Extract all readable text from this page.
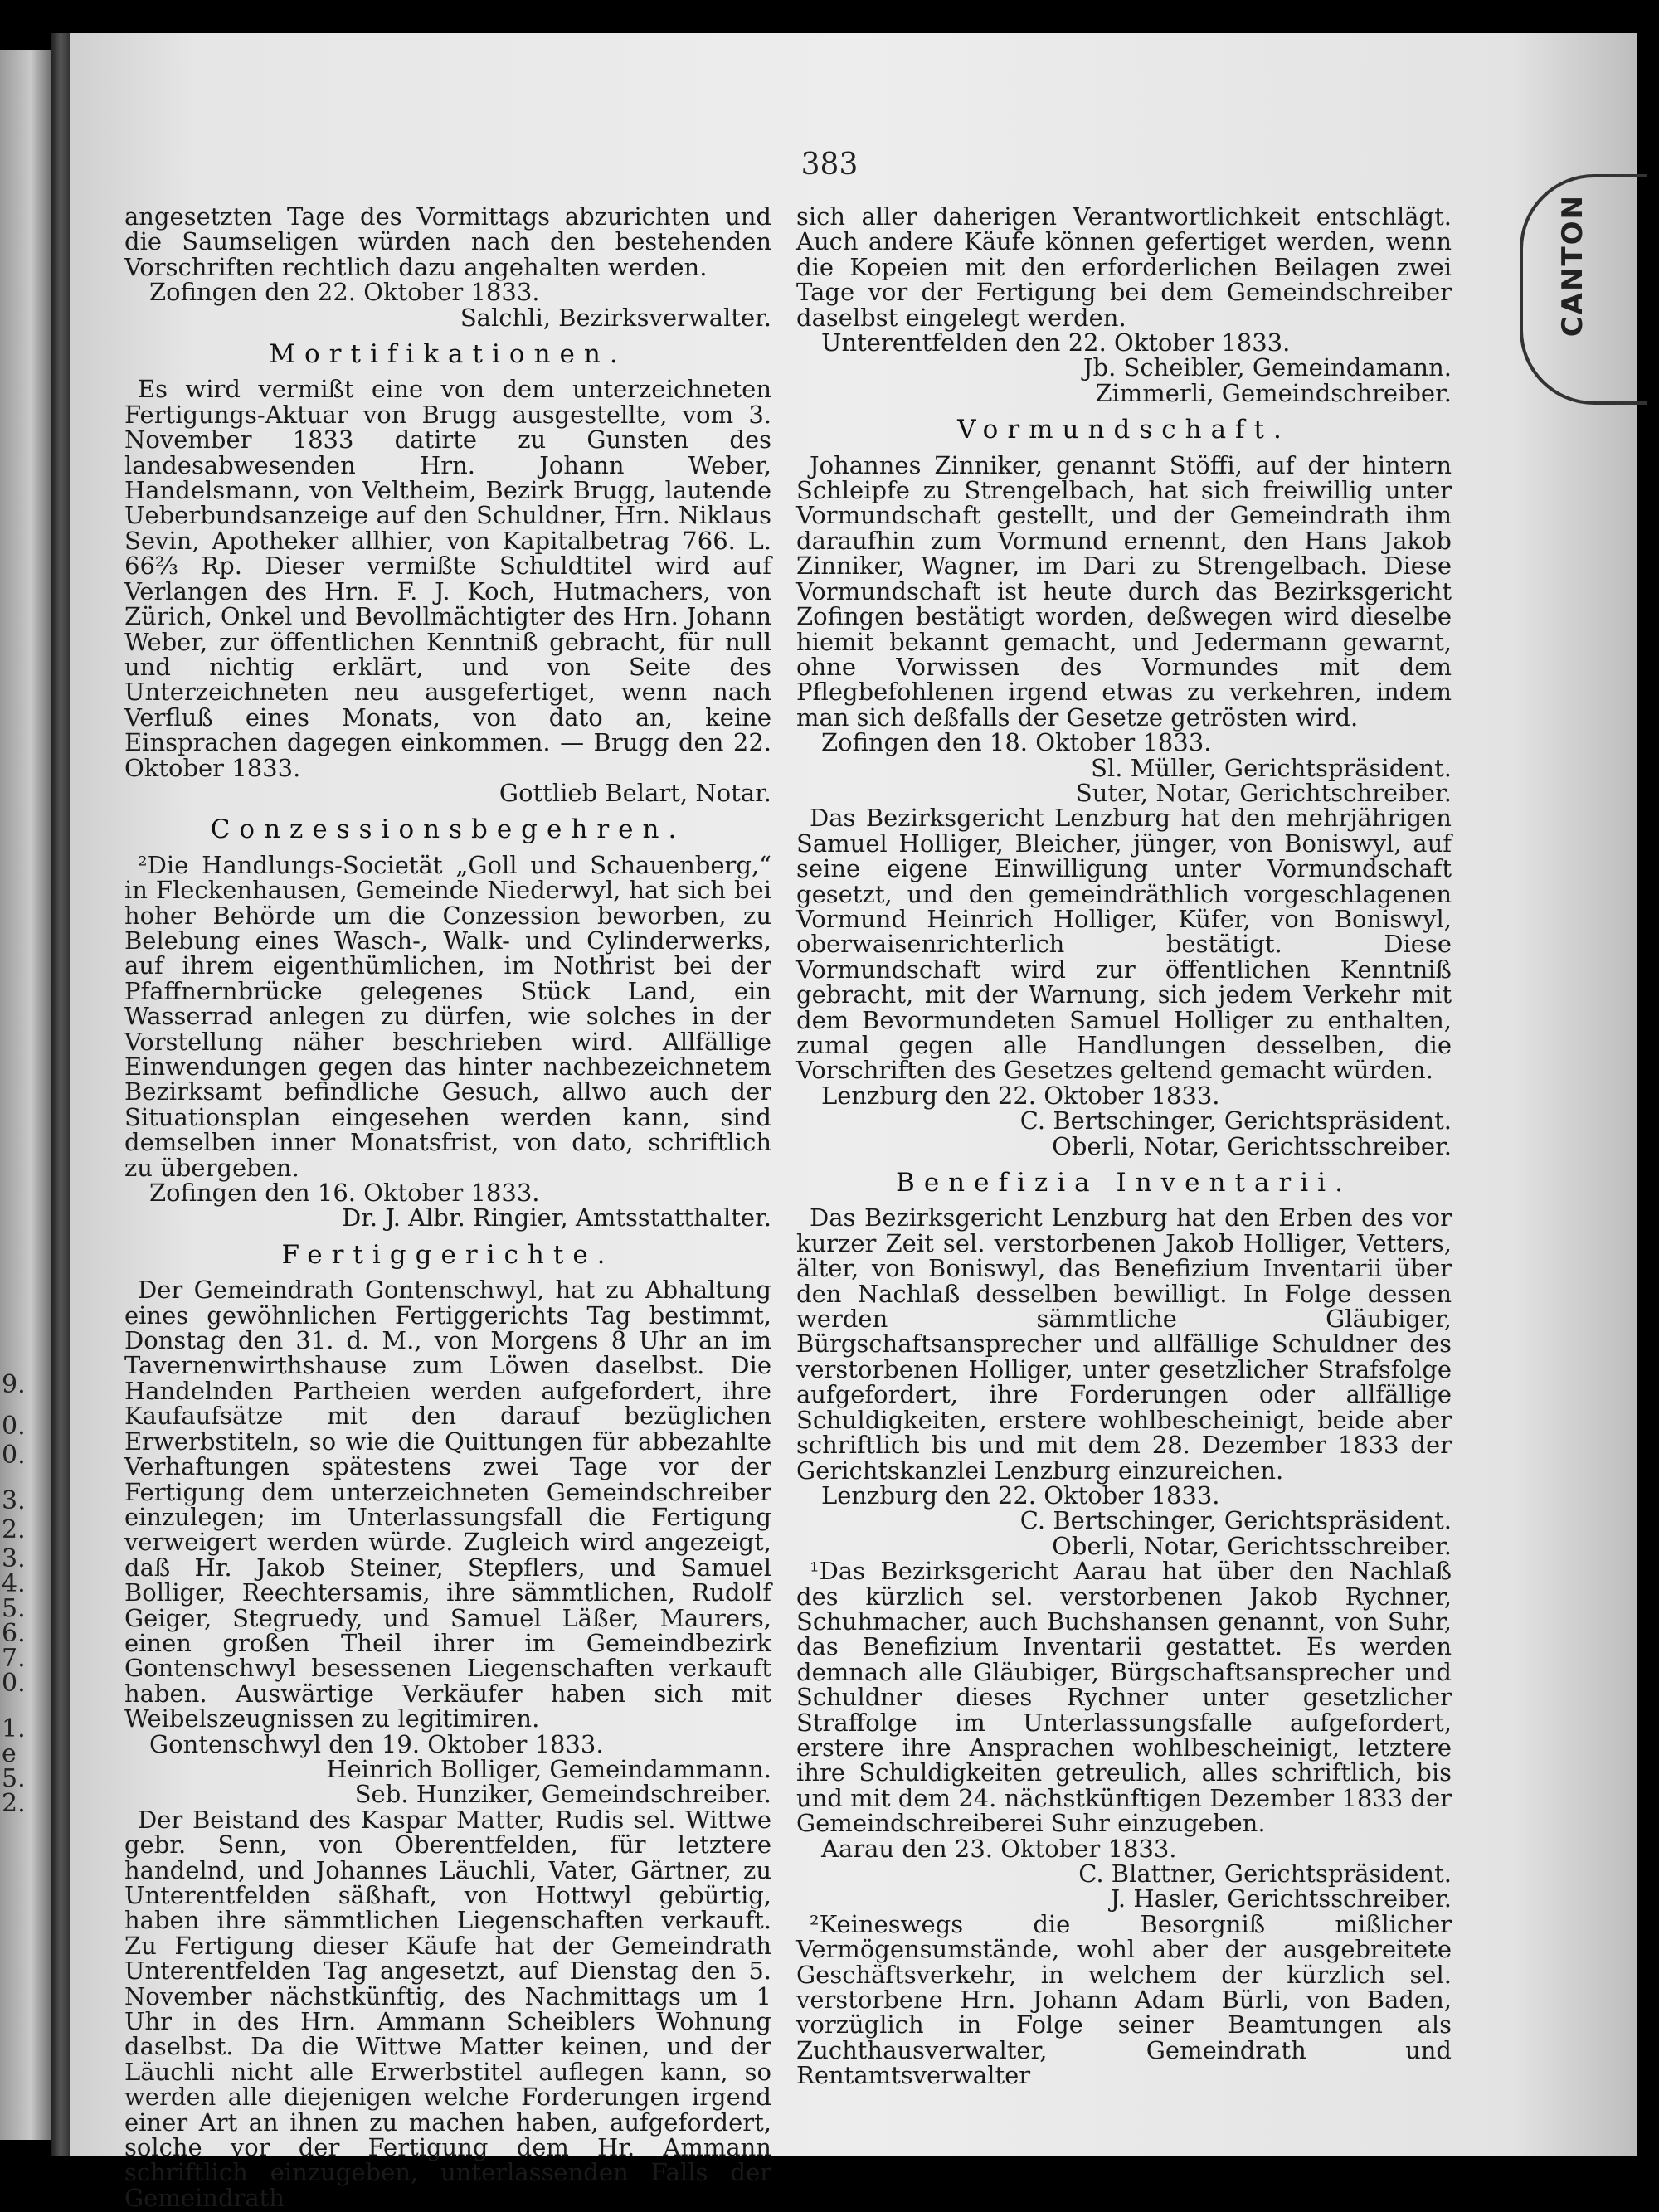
9.
0.
0.
3.
2.
3.
4.
5.
6.
7.
0.
1.
e
5.
2.
CANTON
383

angesetzten Tage des Vormittags abzurichten und die Saumseligen würden nach den bestehenden Vorschriften rechtlich dazu angehalten werden.

Zofingen den 22. Oktober 1833.

Salchli, Bezirksverwalter.

Mortifikationen.

Es wird vermißt eine von dem unterzeichneten Fertigungs-Aktuar von Brugg ausgestellte, vom 3. November 1833 datirte zu Gunsten des landesabwesenden Hrn. Johann Weber, Handelsmann, von Veltheim, Bezirk Brugg, lautende Ueberbundsanzeige auf den Schuldner, Hrn. Niklaus Sevin, Apotheker allhier, von Kapitalbetrag 766. L. 66⅔ Rp. Dieser vermißte Schuldtitel wird auf Verlangen des Hrn. F. J. Koch, Hutmachers, von Zürich, Onkel und Bevollmächtigter des Hrn. Johann Weber, zur öffentlichen Kenntniß gebracht, für null und nichtig erklärt, und von Seite des Unterzeichneten neu ausgefertiget, wenn nach Verfluß eines Monats, von dato an, keine Einsprachen dagegen einkommen. — Brugg den 22. Oktober 1833.

Gottlieb Belart, Notar.

Conzessionsbegehren.

²Die Handlungs-Societät „Goll und Schauenberg,“ in Fleckenhausen, Gemeinde Niederwyl, hat sich bei hoher Behörde um die Conzession beworben, zu Belebung eines Wasch-, Walk- und Cylinderwerks, auf ihrem eigenthümlichen, im Nothrist bei der Pfaffnernbrücke gelegenes Stück Land, ein Wasserrad anlegen zu dürfen, wie solches in der Vorstellung näher beschrieben wird. Allfällige Einwendungen gegen das hinter nachbezeichnetem Bezirksamt befindliche Gesuch, allwo auch der Situationsplan eingesehen werden kann, sind demselben inner Monatsfrist, von dato, schriftlich zu übergeben.

Zofingen den 16. Oktober 1833.

Dr. J. Albr. Ringier, Amtsstatthalter.

Fertiggerichte.

Der Gemeindrath Gontenschwyl, hat zu Abhaltung eines gewöhnlichen Fertiggerichts Tag bestimmt, Donstag den 31. d. M., von Morgens 8 Uhr an im Tavernenwirthshause zum Löwen daselbst. Die Handelnden Partheien werden aufgefordert, ihre Kaufaufsätze mit den darauf bezüglichen Erwerbstiteln, so wie die Quittungen für abbezahlte Verhaftungen spätestens zwei Tage vor der Fertigung dem unterzeichneten Gemeindschreiber einzulegen; im Unterlassungsfall die Fertigung verweigert werden würde. Zugleich wird angezeigt, daß Hr. Jakob Steiner, Stepflers, und Samuel Bolliger, Reechtersamis, ihre sämmtlichen, Rudolf Geiger, Stegruedy, und Samuel Läßer, Maurers, einen großen Theil ihrer im Gemeindbezirk Gontenschwyl besessenen Liegenschaften verkauft haben. Auswärtige Verkäufer haben sich mit Weibelszeugnissen zu legitimiren.

Gontenschwyl den 19. Oktober 1833.

Heinrich Bolliger, Gemeindammann.

Seb. Hunziker, Gemeindschreiber.

Der Beistand des Kaspar Matter, Rudis sel. Wittwe gebr. Senn, von Oberentfelden, für letztere handelnd, und Johannes Läuchli, Vater, Gärtner, zu Unterentfelden säßhaft, von Hottwyl gebürtig, haben ihre sämmtlichen Liegenschaften verkauft. Zu Fertigung dieser Käufe hat der Gemeindrath Unterentfelden Tag angesetzt, auf Dienstag den 5. November nächstkünftig, des Nachmittags um 1 Uhr in des Hrn. Ammann Scheiblers Wohnung daselbst. Da die Wittwe Matter keinen, und der Läuchli nicht alle Erwerbstitel auflegen kann, so werden alle diejenigen welche Forderungen irgend einer Art an ihnen zu machen haben, aufgefordert, solche vor der Fertigung dem Hr. Ammann schriftlich einzugeben, unterlassenden Falls der Gemeindrath

sich aller daherigen Verantwortlichkeit entschlägt. Auch andere Käufe können gefertiget werden, wenn die Kopeien mit den erforderlichen Beilagen zwei Tage vor der Fertigung bei dem Gemeindschreiber daselbst eingelegt werden.

Unterentfelden den 22. Oktober 1833.

Jb. Scheibler, Gemeindamann.

Zimmerli, Gemeindschreiber.

Vormundschaft.

Johannes Zinniker, genannt Stöffi, auf der hintern Schleipfe zu Strengelbach, hat sich freiwillig unter Vormundschaft gestellt, und der Gemeindrath ihm daraufhin zum Vormund ernennt, den Hans Jakob Zinniker, Wagner, im Dari zu Strengelbach. Diese Vormundschaft ist heute durch das Bezirksgericht Zofingen bestätigt worden, deßwegen wird dieselbe hiemit bekannt gemacht, und Jedermann gewarnt, ohne Vorwissen des Vormundes mit dem Pflegbefohlenen irgend etwas zu verkehren, indem man sich deßfalls der Gesetze getrösten wird.

Zofingen den 18. Oktober 1833.

Sl. Müller, Gerichtspräsident.

Suter, Notar, Gerichtschreiber.

Das Bezirksgericht Lenzburg hat den mehrjährigen Samuel Holliger, Bleicher, jünger, von Boniswyl, auf seine eigene Einwilligung unter Vormundschaft gesetzt, und den gemeindräthlich vorgeschlagenen Vormund Heinrich Holliger, Küfer, von Boniswyl, oberwaisenrichterlich bestätigt. Diese Vormundschaft wird zur öffentlichen Kenntniß gebracht, mit der Warnung, sich jedem Verkehr mit dem Bevormundeten Samuel Holliger zu enthalten, zumal gegen alle Handlungen desselben, die Vorschriften des Gesetzes geltend gemacht würden.

Lenzburg den 22. Oktober 1833.

C. Bertschinger, Gerichtspräsident.

Oberli, Notar, Gerichtsschreiber.

Benefizia Inventarii.

Das Bezirksgericht Lenzburg hat den Erben des vor kurzer Zeit sel. verstorbenen Jakob Holliger, Vetters, älter, von Boniswyl, das Benefizium Inventarii über den Nachlaß desselben bewilligt. In Folge dessen werden sämmtliche Gläubiger, Bürgschaftsansprecher und allfällige Schuldner des verstorbenen Holliger, unter gesetzlicher Strafsfolge aufgefordert, ihre Forderungen oder allfällige Schuldigkeiten, erstere wohlbescheinigt, beide aber schriftlich bis und mit dem 28. Dezember 1833 der Gerichtskanzlei Lenzburg einzureichen.

Lenzburg den 22. Oktober 1833.

C. Bertschinger, Gerichtspräsident.

Oberli, Notar, Gerichtsschreiber.

¹Das Bezirksgericht Aarau hat über den Nachlaß des kürzlich sel. verstorbenen Jakob Rychner, Schuhmacher, auch Buchshansen genannt, von Suhr, das Benefizium Inventarii gestattet. Es werden demnach alle Gläubiger, Bürgschaftsansprecher und Schuldner dieses Rychner unter gesetzlicher Straffolge im Unterlassungsfalle aufgefordert, erstere ihre Ansprachen wohlbescheinigt, letztere ihre Schuldigkeiten getreulich, alles schriftlich, bis und mit dem 24. nächstkünftigen Dezember 1833 der Gemeindschreiberei Suhr einzugeben.

Aarau den 23. Oktober 1833.

C. Blattner, Gerichtspräsident.

J. Hasler, Gerichtsschreiber.

²Keineswegs die Besorgniß mißlicher Vermögensumstände, wohl aber der ausgebreitete Geschäftsverkehr, in welchem der kürzlich sel. verstorbene Hrn. Johann Adam Bürli, von Baden, vorzüglich in Folge seiner Beamtungen als Zuchthausverwalter, Gemeindrath und Rentamtsverwalter
